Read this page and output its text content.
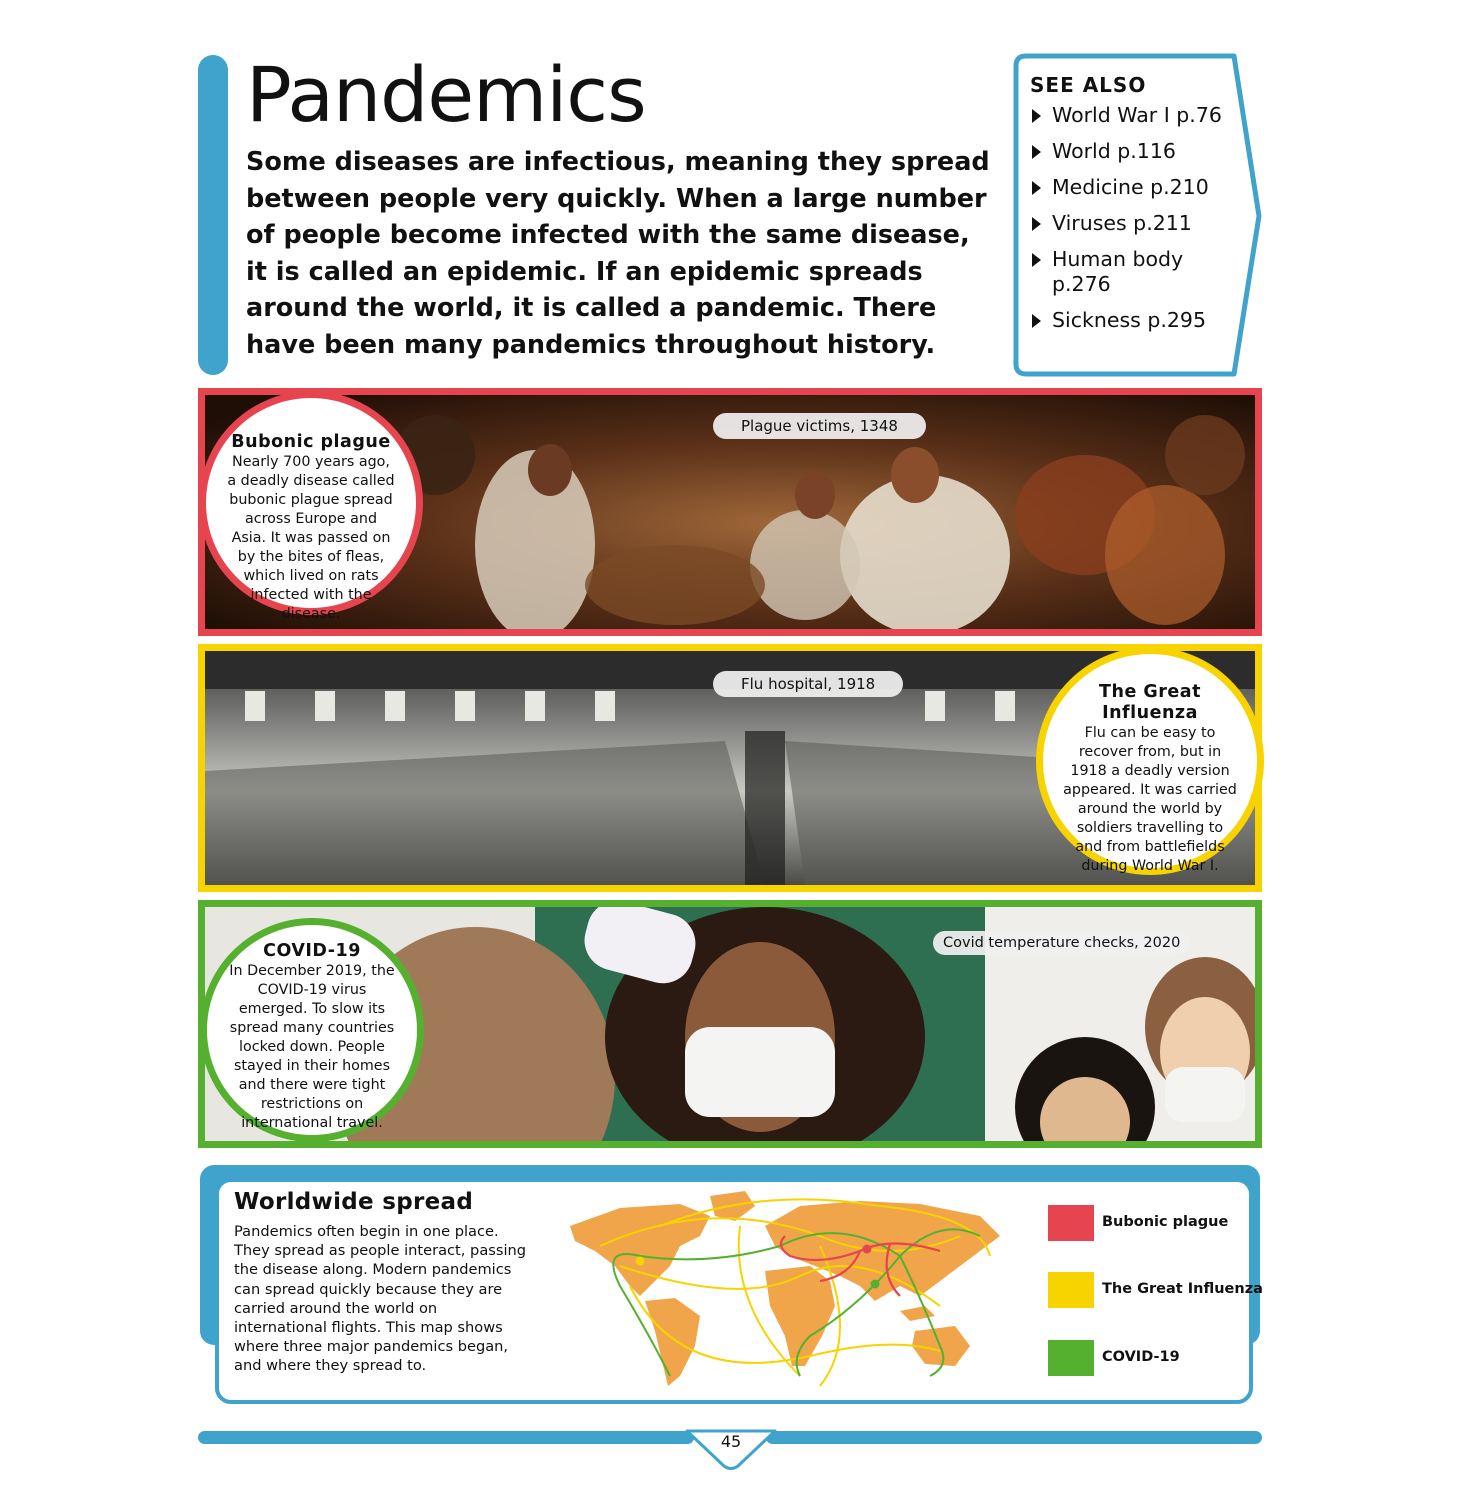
Pandemics

Some diseases are infectious, meaning they spread between people very quickly. When a large number of people become infected with the same disease, it is called an epidemic. If an epidemic spreads around the world, it is called a pandemic. There have been many pandemics throughout history.

SEE ALSO
World War I p.76
World p.116
Medicine p.210
Viruses p.211
Human body p.276
Sickness p.295
Plague victims, 1348
Bubonic plague

Nearly 700 years ago, a deadly disease called bubonic plague spread across Europe and Asia. It was passed on by the bites of fleas, which lived on rats infected with the disease.

Flu hospital, 1918	The Great Influenza

Flu can be easy to recover from, but in 1918 a deadly version appeared. It was carried around the world by soldiers travelling to and from battlefields during World War I.

Covid temperature checks, 2020
COVID-19

In December 2019, the COVID-19 virus emerged. To slow its spread many countries locked down. People stayed in their homes and there were tight restrictions on international travel.

Worldwide spread

Pandemics often begin in one place. They spread as people interact, passing the disease along. Modern pandemics can spread quickly because they are carried around the world on international flights. This map shows where three major pandemics began, and where they spread to.

Bubonic plague
The Great Influenza
COVID-19
45
